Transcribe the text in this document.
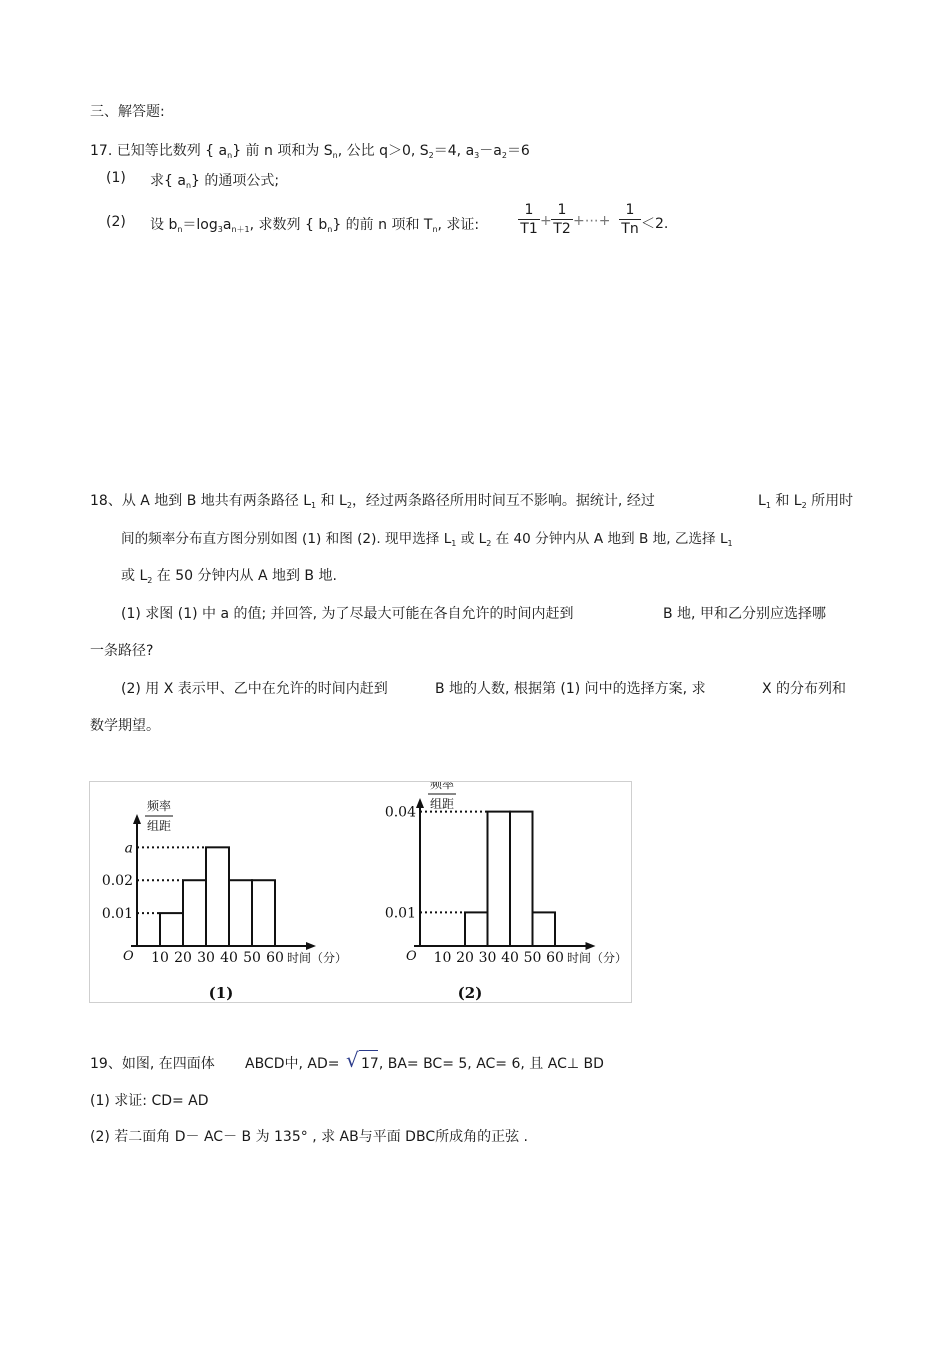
三、解答题:
17. 已知等比数列 { $a_n$} 前 n 项和为 $S_n$, 公比 q＞0, $S_2=4$, $a_3-a_2=6$
(1) 求{ $a_n$} 的通项公式;
(2) 设 $b_n=\log_3a_{n+1}$, 求数列 { $b_n$} 的前 n 项和 $T_n$, 求证:
1
T1 +
1
T2 +⋯+
1
Tn ＜2.
18、从 A 地到 B 地共有两条路径 $L_1$ 和 $L_2$，经过两条路径所用时间互不影响。据统计, 经过	$L_1$ 和 $L_2$ 所用时
间的频率分布直方图分别如图 (1) 和图 (2). 现甲选择 $L_1$ 或 $L_2$ 在 40 分钟内从 A 地到 B 地, 乙选择 $L_1$
或 $L_2$ 在 50 分钟内从 A 地到 B 地.
(1) 求图 (1) 中 a 的值; 并回答, 为了尽最大可能在各自允许的时间内赶到	B 地, 甲和乙分别应选择哪
一条路径?
(2) 用 X 表示甲、乙中在允许的时间内赶到	B 地的人数, 根据第 (1) 问中的选择方案, 求	X 的分布列和
数学期望。
频率
组距
O
0.01
0.02
a
10 20 30 40 50 60 时间（分）
(1)
频率
组距
O
0.01
0.04
10 20 30 40 50 60 时间（分）
(2)
19、如图, 在四面体 ABCD中, AD= √ 17, BA= BC= 5, AC= 6, 且 AC⊥ BD
(1) 求证: CD= AD
(2) 若二面角 D－ AC－ B 为 135° , 求 AB与平面 DBC所成角的正弦 .
